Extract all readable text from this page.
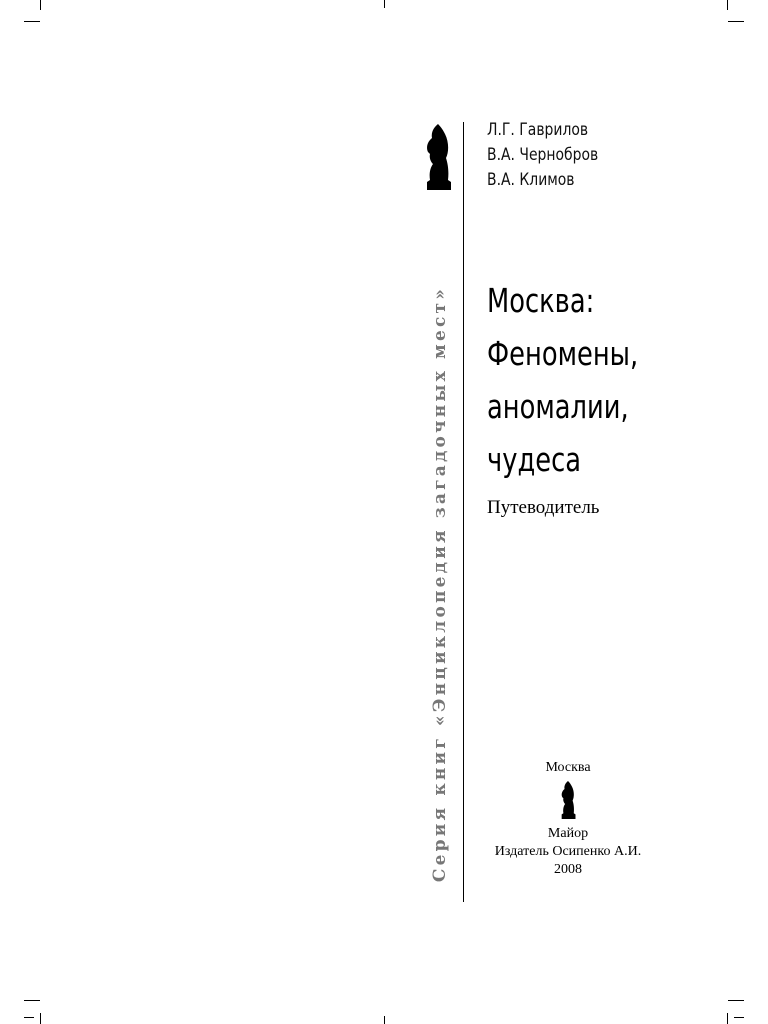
Серия книг «Энциклопедия загадочных мест»
Л.Г. Гаврилов
В.А. Чернобров
В.А. Климов
Москва:
Феномены,
аномалии,
чудеса
Путеводитель
Москва
Майор
Издатель Осипенко А.И.
2008
